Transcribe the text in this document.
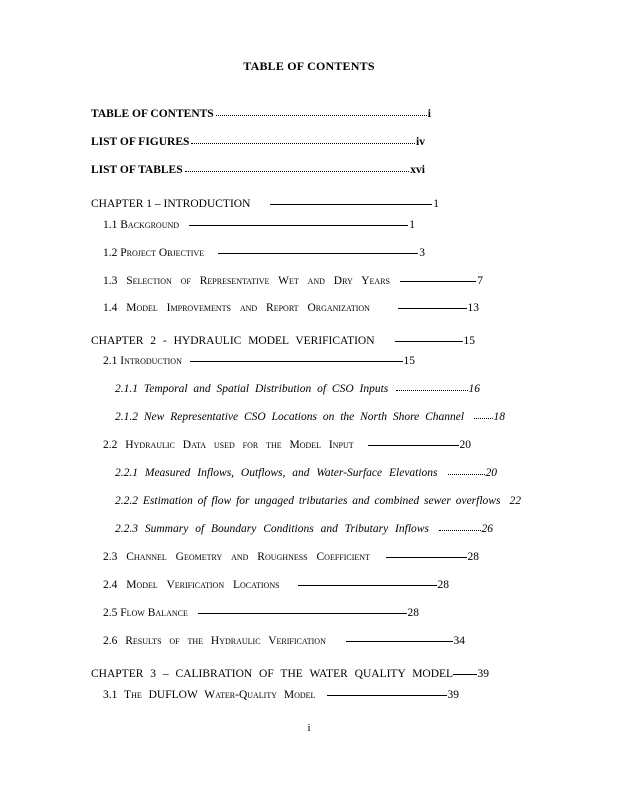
TABLE OF CONTENTS
TABLE OF CONTENTS	i
LIST OF FIGURES	iv
LIST OF TABLES	xvi
CHAPTER 1 – INTRODUCTION	1
1.1 Background	1
1.2 Project Objective	3
1.3 Selection of Representative Wet and Dry Years	7
1.4 Model Improvements and Report Organization	13
CHAPTER 2 - HYDRAULIC MODEL VERIFICATION	15
2.1 Introduction	15
2.1.1 Temporal and Spatial Distribution of CSO Inputs	16
2.1.2 New Representative CSO Locations on the North Shore Channel	18
2.2 Hydraulic Data used for the Model Input	20
2.2.1 Measured Inflows, Outflows, and Water-Surface Elevations	20
2.2.2 Estimation of flow for ungaged tributaries and combined sewer overflows 22
2.2.3 Summary of Boundary Conditions and Tributary Inflows	26
2.3 Channel Geometry and Roughness Coefficient	28
2.4 Model Verification Locations	28
2.5 Flow Balance	28
2.6 Results of the Hydraulic Verification	34
CHAPTER 3 – CALIBRATION OF THE WATER QUALITY MODEL 39
3.1 The DUFLOW Water-Quality Model	39
i
